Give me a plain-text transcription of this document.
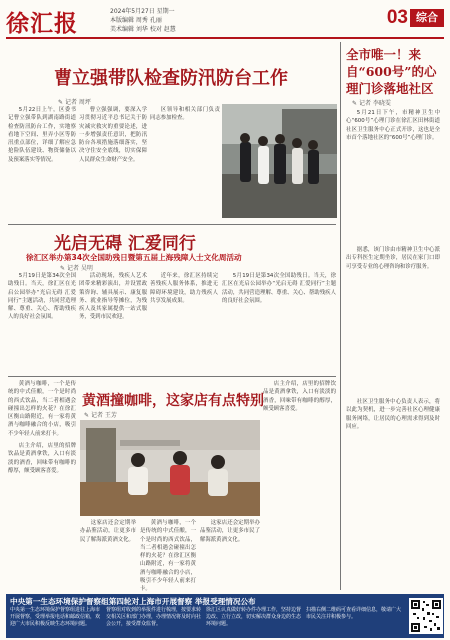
徐汇报	2024年5月27日 星期一
本版编辑 周秀 孔丽
美术编辑 刘华 校对 赵慧
03 综合
曹立强带队检查防汛防台工作
✎ 记者 周坪

5月22日上午，区委书记曹立强带队到湖南路街道检查防汛防台工作，实地察看地下空间、里弄小区等防汛重点部位，详细了解应急抢险队伍建设、物资储备以及预案落实等情况。

曹立强强调，要深入学习贯彻习近平总书记关于防灾减灾救灾的重要论述，进一步增强责任意识，把防汛防台各项措施落细落实，坚决守住安全底线，切实保障人民群众生命财产安全。

区领导和相关部门负责同志参加检查。

全市唯一！来自“600号”的心理门诊落地社区
✎ 记者 李晓雯

5月21日下午，市精神卫生中心“600号”心理门诊在徐汇区田林街道社区卫生服务中心正式开诊，这也是全市首个落地社区的“600号”心理门诊。

据悉，该门诊由市精神卫生中心派出专科医生定期坐诊，居民在家门口即可享受专业的心理咨询和诊疗服务。

社区卫生服务中心负责人表示，将以此为契机，进一步完善社区心理健康服务网络，让居民的心理需求得到及时回应。

光启无碍 汇爱同行
徐汇区举办第34次全国助残日暨第五届上海残障人士文化周活动
✎ 记者 吴明

5月19日是第34次全国助残日。当天，徐汇区在光启公园举办“光启无碍 汇爱同行”主题活动，共同营造理解、尊重、关心、帮助残疾人的良好社会氛围。

活动现场，残疾人艺术团带来精彩演出，并设置政策咨询、辅具展示、康复服务、就业指导等摊位，为残疾人及其家属提供一站式服务，受到市民欢迎。

近年来，徐汇区持续完善残疾人服务体系，推进无障碍环境建设，助力残疾人共享发展成果。

5月19日是第34次全国助残日。当天，徐汇区在光启公园举办“光启无碍 汇爱同行”主题活动，共同营造理解、尊重、关心、帮助残疾人的良好社会氛围。

黄酒与咖啡，一个是传统的中式佳酿，一个是时尚的西式饮品，当二者相遇会碰撞出怎样的火花？在徐汇区衡山路附近，有一家将黄酒与咖啡融合的小店，吸引不少年轻人前来打卡。

黄酒撞咖啡，这家店有点特别
✎ 记者 王芳

店主介绍，店里的招牌饮品是黄酒拿铁，入口有淡淡的酒香，回味带有咖啡的醇厚，颇受顾客喜爱。

店主介绍，店里的招牌饮品是黄酒拿铁，入口有淡淡的酒香，回味带有咖啡的醇厚，颇受顾客喜爱。

这家店还会定期举办品鉴活动，让更多市民了解海派黄酒文化。

黄酒与咖啡，一个是传统的中式佳酿，一个是时尚的西式饮品，当二者相遇会碰撞出怎样的火花？在徐汇区衡山路附近，有一家将黄酒与咖啡融合的小店，吸引不少年轻人前来打卡。

这家店还会定期举办品鉴活动，让更多市民了解海派黄酒文化。

中央第一生态环境保护督察组第四轮对上海市开展督察 举报受理情况公布
中央第一生态环境保护督察组进驻上海市开展督察，受理举报电话和邮政信箱，欢迎广大市民积极反映生态环境问题。
督察组对收到的举报件进行梳理，按要求转交相关区和部门办理，办理情况将及时向社会公开，接受群众监督。
徐汇区认真做好转办件办理工作，坚持边督边改、立行立改，切实解决群众身边的生态环境问题。
扫描右侧二维码可查看详细信息，敬请广大市民关注并积极参与。
